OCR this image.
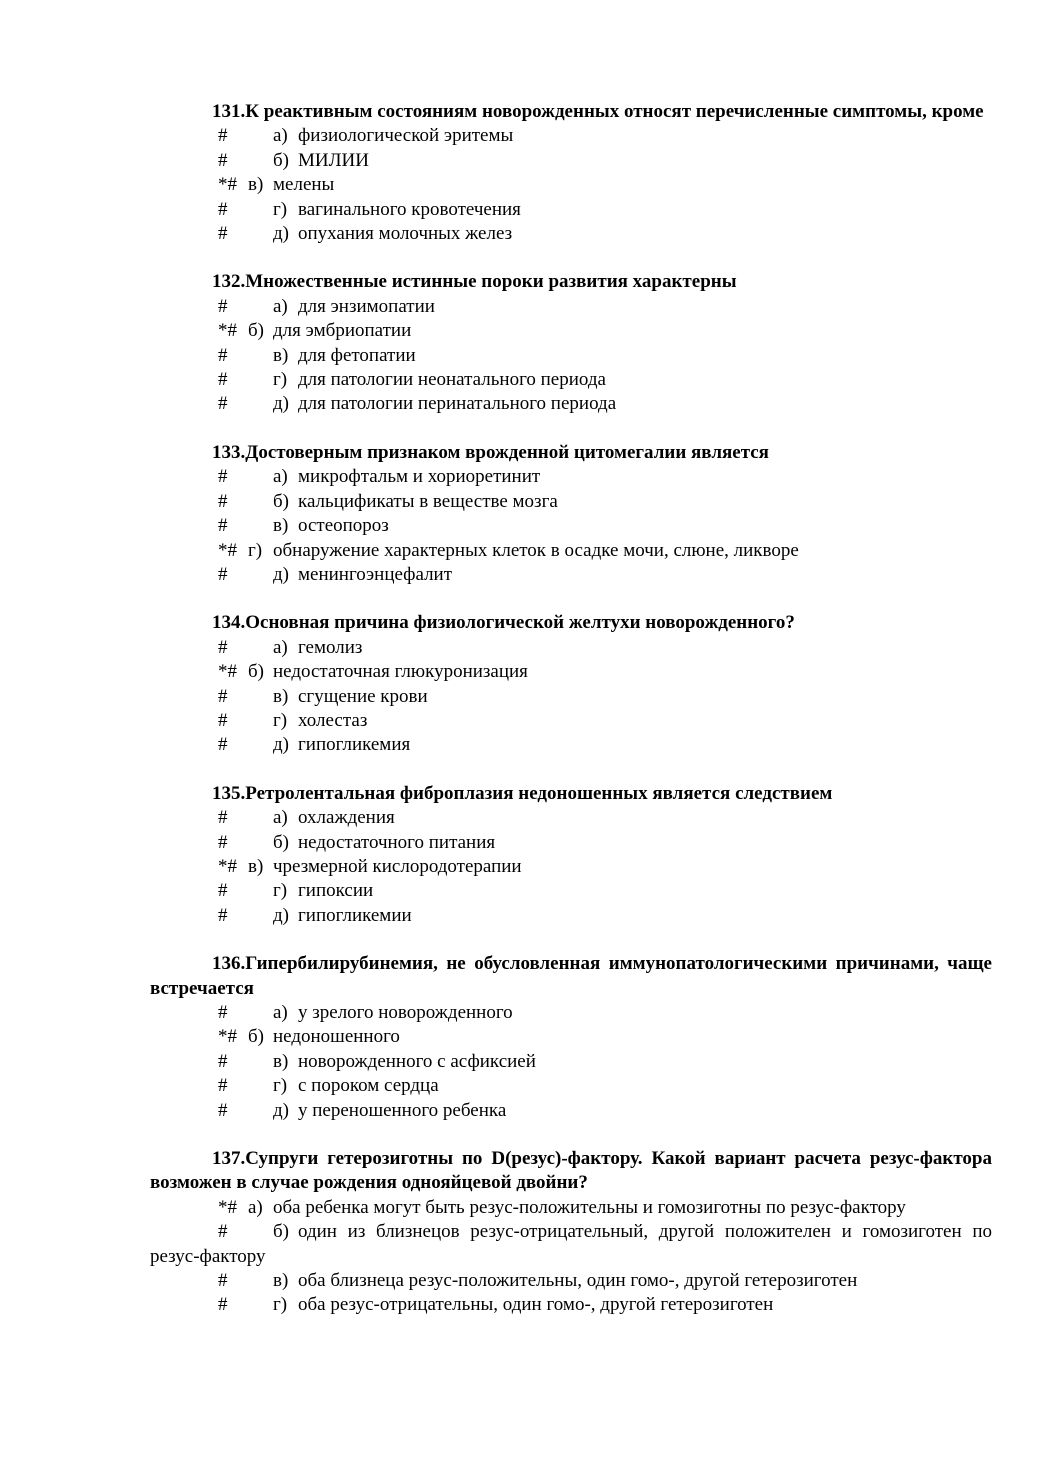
131.К реактивным состояниям новорожденных относят перечисленные симптомы, кроме

# а) физиологической эритемы
# б) МИЛИИ
*# в) мелены
# г) вагинального кровотечения
# д) опухания молочных желез

132.Множественные истинные пороки развития характерны

# а) для энзимопатии
*# б) для эмбриопатии
# в) для фетопатии
# г) для патологии неонатального периода
# д) для патологии перинатального периода

133.Достоверным признаком врожденной цитомегалии является

# а) микрофтальм и хориоретинит
# б) кальцификаты в веществе мозга
# в) остеопороз
*# г) обнаружение характерных клеток в осадке мочи, слюне, ликворе
# д) менингоэнцефалит

134.Основная причина физиологической желтухи новорожденного?

# а) гемолиз
*# б) недостаточная глюкуронизация
# в) сгущение крови
# г) холестаз
# д) гипогликемия

135.Ретролентальная фиброплазия недоношенных является следствием

# а) охлаждения
# б) недостаточного питания
*# в) чрезмерной кислородотерапии
# г) гипоксии
# д) гипогликемии

136.Гипербилирубинемия, не обусловленная иммунопатологическими причинами, чаще встречается

# а) у зрелого новорожденного
*# б) недоношенного
# в) новорожденного с асфиксией
# г) с пороком сердца
# д) у переношенного ребенка

137.Супруги гетерозиготны по D(резус)-фактору. Какой вариант расчета резус-фактора возможен в случае рождения однояйцевой двойни?

*# а) оба ребенка могут быть резус-положительны и гомозиготны по резус-фактору
# б) один из близнецов резус-отрицательный, другой положителен и гомозиготен по резус-фактору
# в) оба близнеца резус-положительны, один гомо-, другой гетерозиготен
# г) оба резус-отрицательны, один гомо-, другой гетерозиготен
